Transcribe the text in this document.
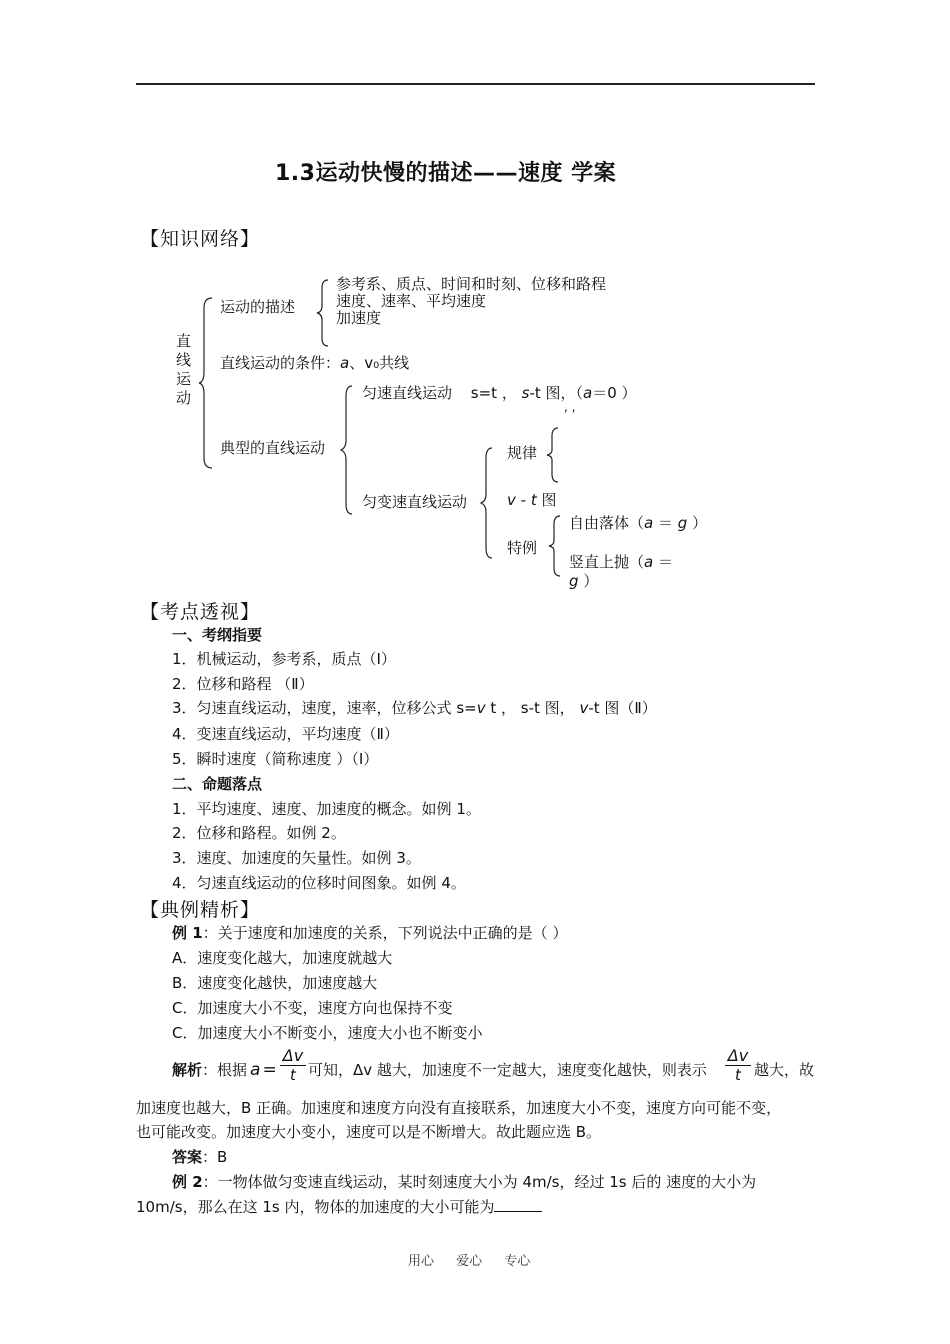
1.3运动快慢的描述——速度 学案
【知识网络】
直
线
运
动
运动的描述
参考系、质点、时间和时刻、位移和路程
速度、速率、平均速度
加速度
直线运动的条件：a、v₀共线
典型的直线运动
匀速直线运动 s=t ， s-t 图，（a＝0 ）
, ,
匀变速直线运动
规律
v - t 图
特例
自由落体（a ＝ g ）
竖直上抛（a ＝
g ）
【考点透视】
一、考纲指要
1．机械运动，参考系，质点（Ⅰ）
2．位移和路程 （Ⅱ）
3．匀速直线运动，速度，速率，位移公式 s=v t ， s-t 图， v-t 图（Ⅱ）
4．变速直线运动，平均速度（Ⅱ）
5．瞬时速度（简称速度 ）（Ⅰ）
二、命题落点
1．平均速度、速度、加速度的概念。如例 1。
2．位移和路程。如例 2。
3．速度、加速度的矢量性。如例 3。
4．匀速直线运动的位移时间图象。如例 4。
【典例精析】
例 1：关于速度和加速度的关系，下列说法中正确的是（ ）
A．速度变化越大，加速度就越大
B．速度变化越快，加速度越大
C．加速度大小不变，速度方向也保持不变
C．加速度大小不断变小，速度大小也不断变小
解析：根据 $a = \frac{\Delta v}{t}$ 可知，Δv 越大，加速度不一定越大，速度变化越快，则表示 $\frac{\Delta v}{t}$ 越大，故
加速度也越大，B 正确。加速度和速度方向没有直接联系，加速度大小不变，速度方向可能不变，
也可能改变。加速度大小变小，速度可以是不断增大。故此题应选 B。
答案：B
例 2：一物体做匀变速直线运动，某时刻速度大小为 4m/s，经过 1s 后的 速度的大小为
10m/s，那么在这 1s 内，物体的加速度的大小可能为
用心 爱心 专心
